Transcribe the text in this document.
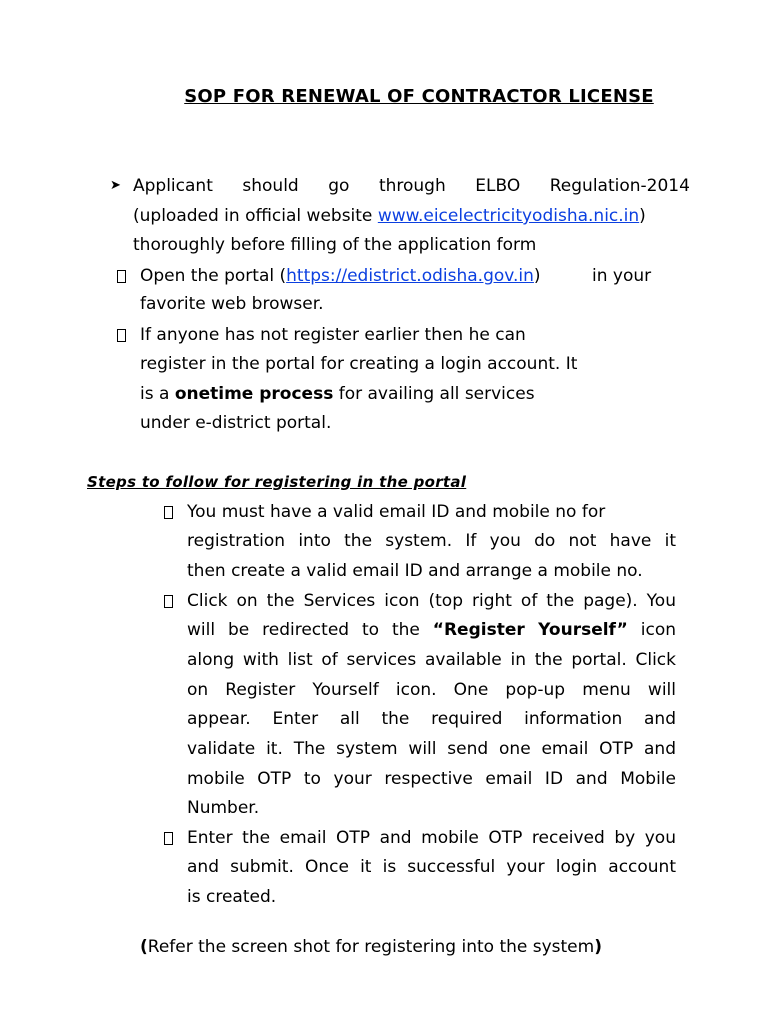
SOP FOR RENEWAL OF CONTRACTOR LICENSE
➤ Applicant should go through ELBO Regulation-2014
(uploaded in official website www.eicelectricityodisha.nic.in)
thoroughly before filling of the application form
Open the portal (https://edistrict.odisha.gov.in)	in your
favorite web browser.
If anyone has not register earlier then he can
register in the portal for creating a login account. It
is a onetime process for availing all services
under e-district portal.
Steps to follow for registering in the portal
You must have a valid email ID and mobile no for
registration into the system. If you do not have it
then create a valid email ID and arrange a mobile no.
Click on the Services icon (top right of the page). You
will be redirected to the “Register Yourself” icon
along with list of services available in the portal. Click
on Register Yourself icon. One pop-up menu will
appear. Enter all the required information and
validate it. The system will send one email OTP and
mobile OTP to your respective email ID and Mobile
Number.
Enter the email OTP and mobile OTP received by you
and submit. Once it is successful your login account
is created.
(Refer the screen shot for registering into the system)
